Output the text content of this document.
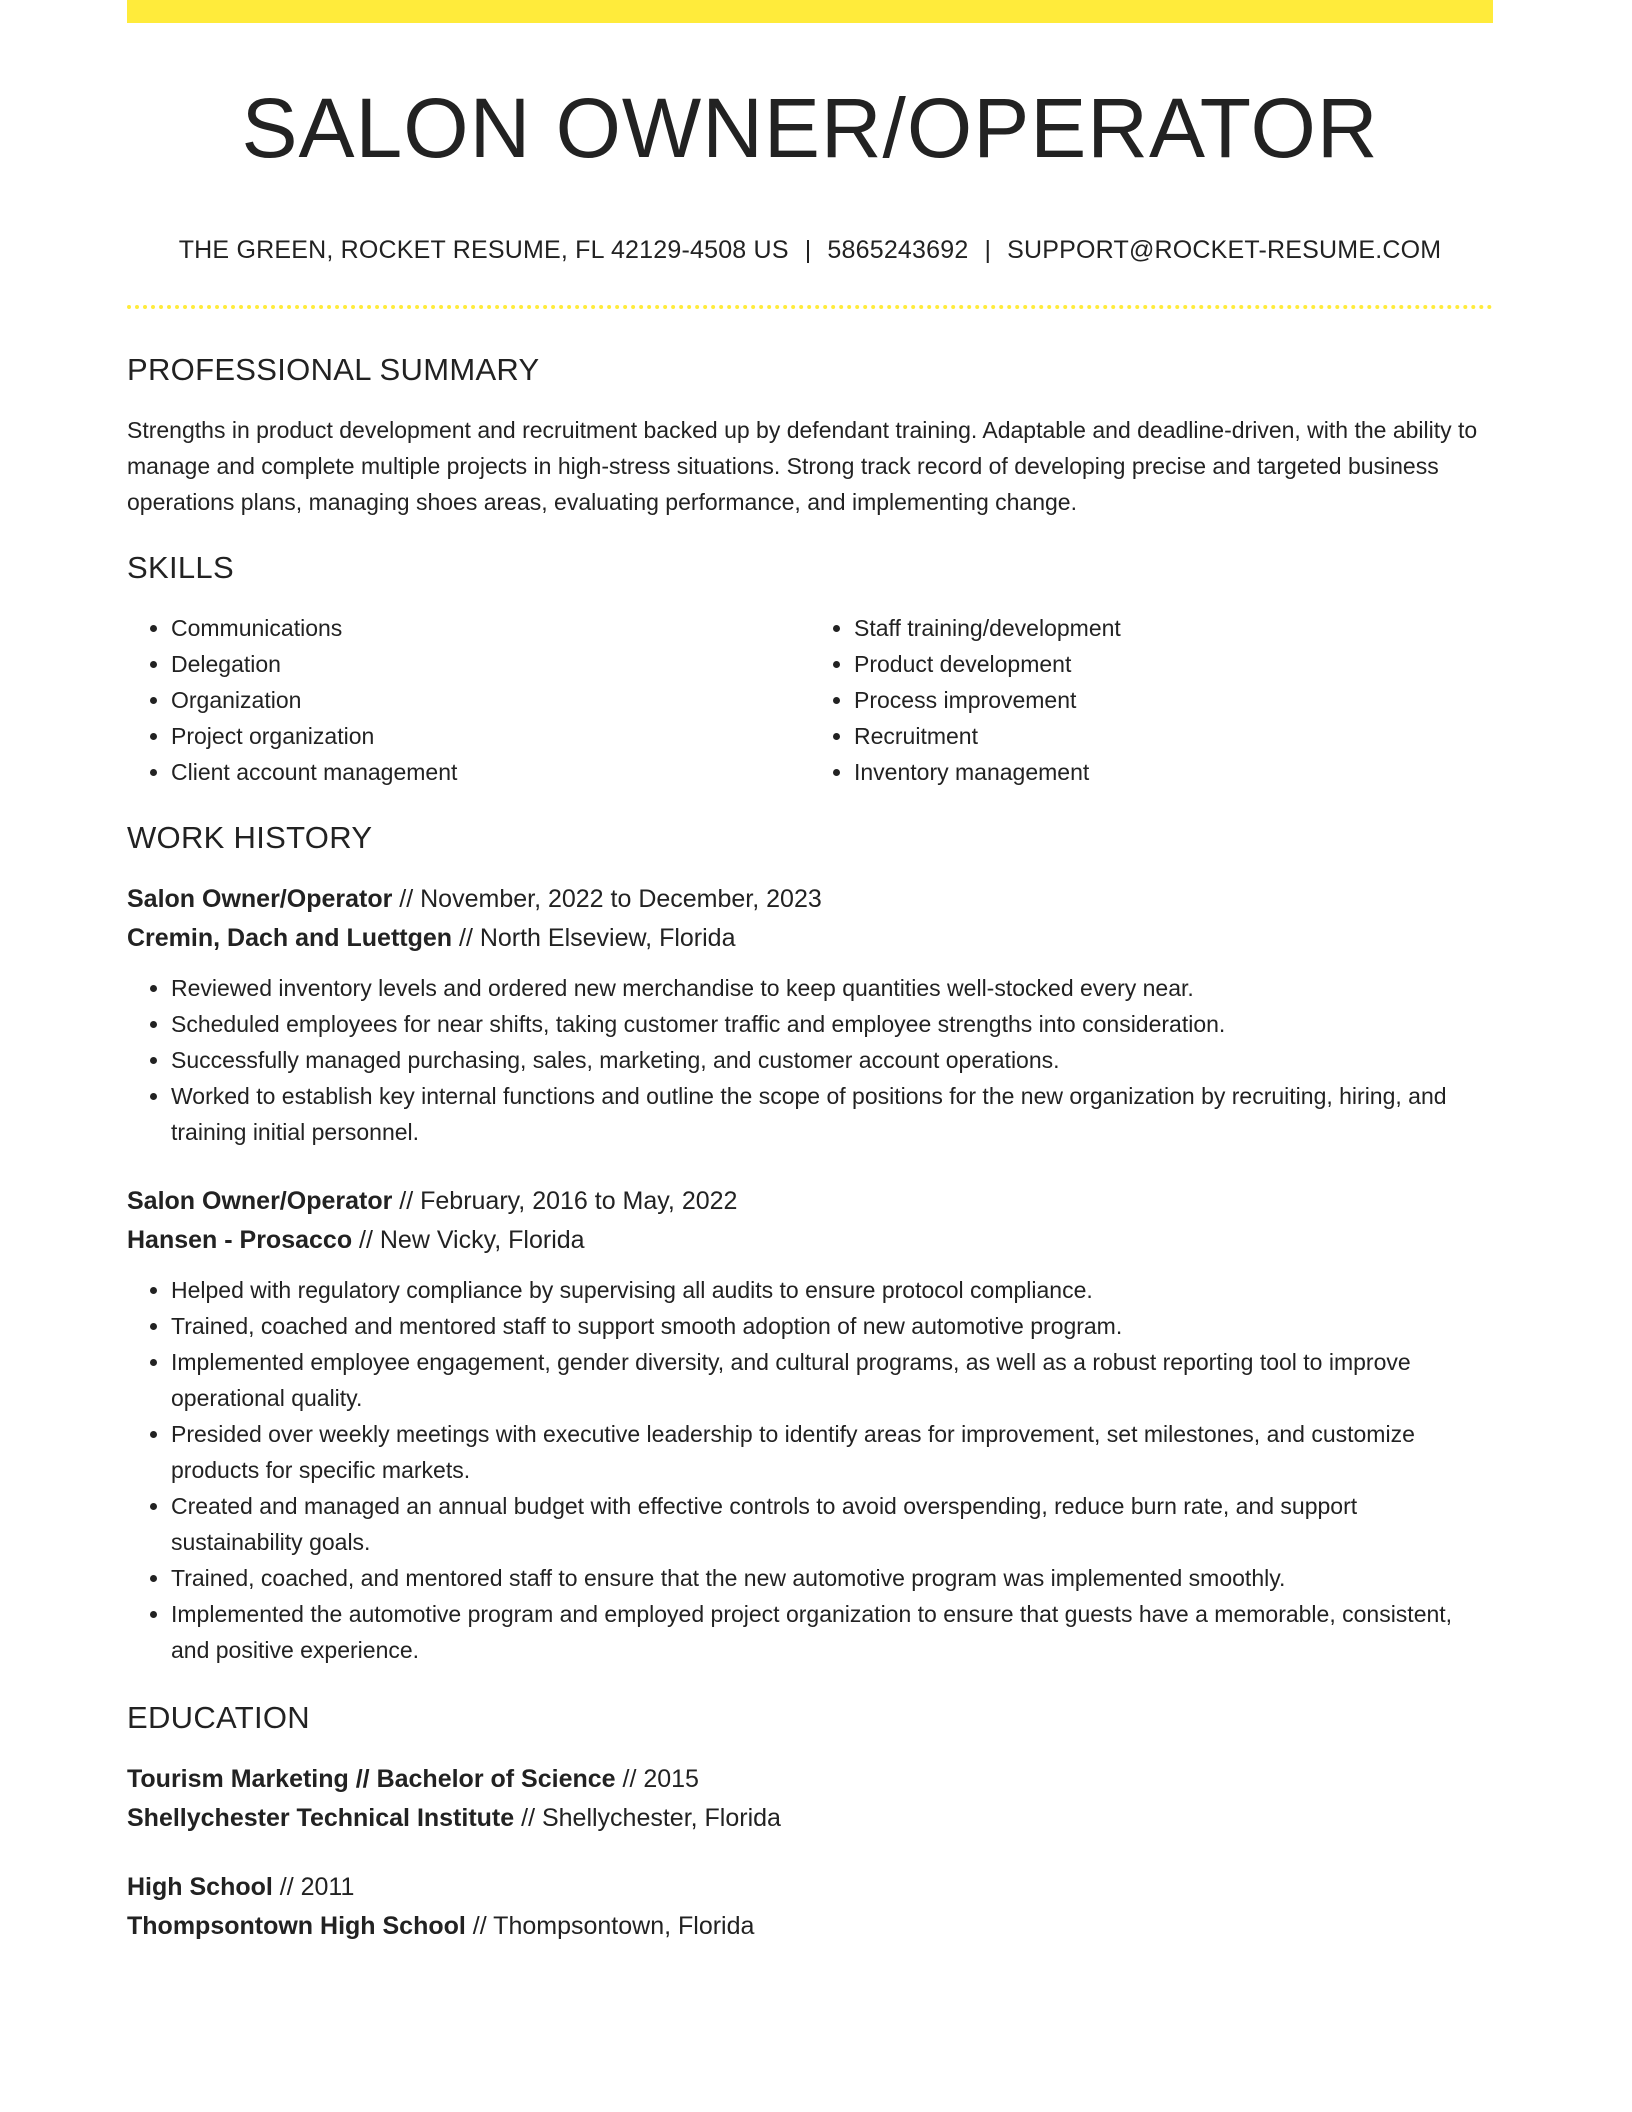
SALON OWNER/OPERATOR
THE GREEN, ROCKET RESUME, FL 42129-4508 US | 5865243692 | SUPPORT@ROCKET-RESUME.COM
PROFESSIONAL SUMMARY

Strengths in product development and recruitment backed up by defendant training. Adaptable and deadline-driven, with the ability to manage and complete multiple projects in high-stress situations. Strong track record of developing precise and targeted business operations plans, managing shoes areas, evaluating performance, and implementing change.

SKILLS
• Communications
• Delegation
• Organization
• Project organization
• Client account management
• Staff training/development
• Product development
• Process improvement
• Recruitment
• Inventory management
WORK HISTORY
Salon Owner/Operator // November, 2022 to December, 2023
Cremin, Dach and Luettgen // North Elseview, Florida
• Reviewed inventory levels and ordered new merchandise to keep quantities well-stocked every near.
• Scheduled employees for near shifts, taking customer traffic and employee strengths into consideration.
• Successfully managed purchasing, sales, marketing, and customer account operations.
• Worked to establish key internal functions and outline the scope of positions for the new organization by recruiting, hiring, and training initial personnel.
Salon Owner/Operator // February, 2016 to May, 2022
Hansen - Prosacco // New Vicky, Florida
• Helped with regulatory compliance by supervising all audits to ensure protocol compliance.
• Trained, coached and mentored staff to support smooth adoption of new automotive program.
• Implemented employee engagement, gender diversity, and cultural programs, as well as a robust reporting tool to improve operational quality.
• Presided over weekly meetings with executive leadership to identify areas for improvement, set milestones, and customize products for specific markets.
• Created and managed an annual budget with effective controls to avoid overspending, reduce burn rate, and support sustainability goals.
• Trained, coached, and mentored staff to ensure that the new automotive program was implemented smoothly.
• Implemented the automotive program and employed project organization to ensure that guests have a memorable, consistent, and positive experience.
EDUCATION
Tourism Marketing // Bachelor of Science // 2015
Shellychester Technical Institute // Shellychester, Florida
High School // 2011
Thompsontown High School // Thompsontown, Florida
